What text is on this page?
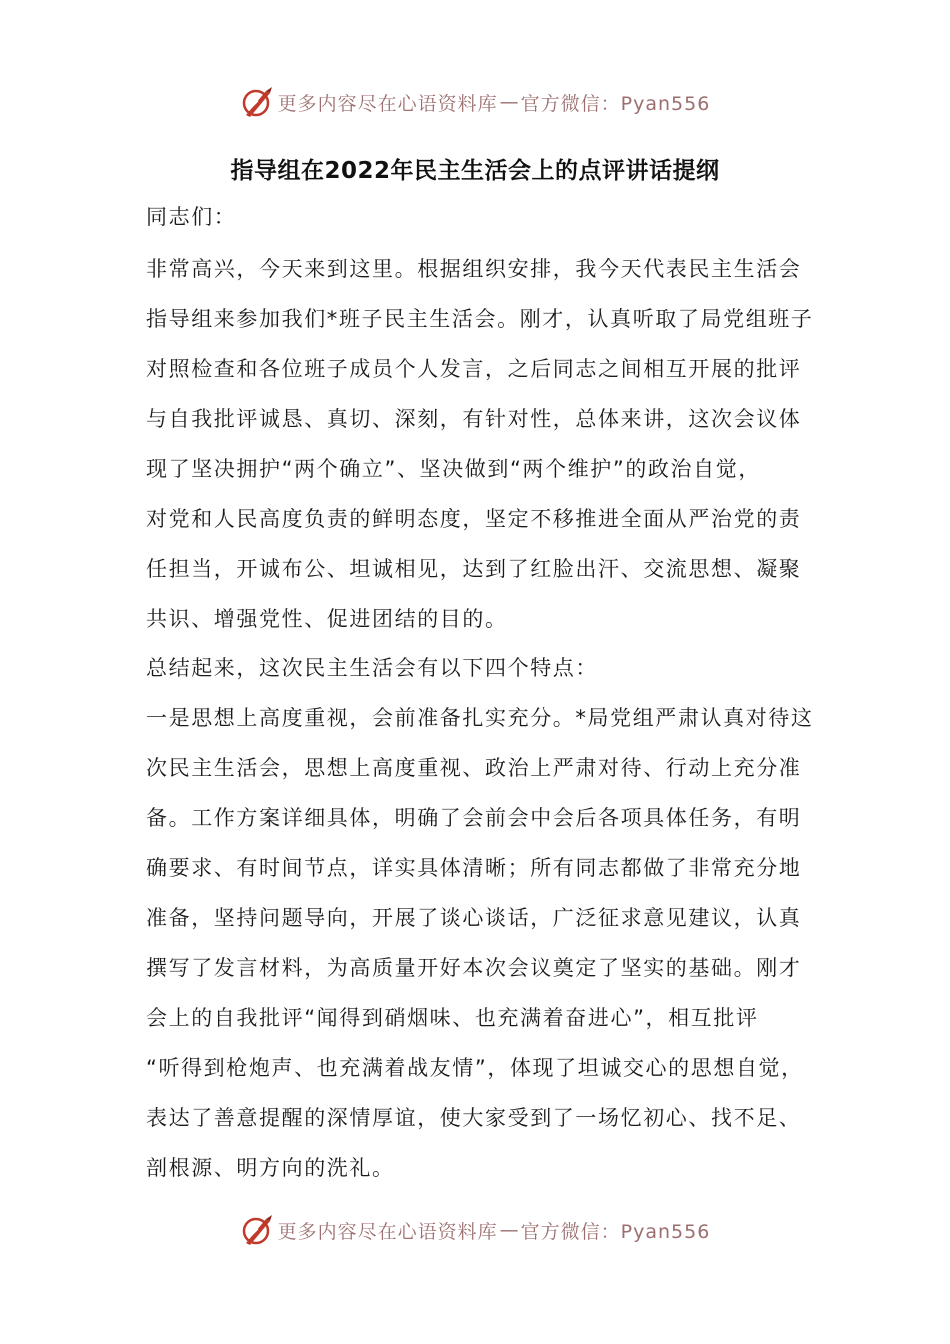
更多内容尽在心语资料库 — 官方微信：Pyan556
指导组在2022年民主生活会上的点评讲话提纲
同志们：
非常高兴，今天来到这里。根据组织安排，我今天代表民主生活会
指导组来参加我们*班子民主生活会。刚才，认真听取了局党组班子
对照检查和各位班子成员个人发言，之后同志之间相互开展的批评
与自我批评诚恳、真切、深刻，有针对性，总体来讲，这次会议体
现了坚决拥护“两个确立”、坚决做到“两个维护”的政治自觉，
对党和人民高度负责的鲜明态度，坚定不移推进全面从严治党的责
任担当，开诚布公、坦诚相见，达到了红脸出汗、交流思想、凝聚
共识、增强党性、促进团结的目的。
总结起来，这次民主生活会有以下四个特点：
一是思想上高度重视，会前准备扎实充分。*局党组严肃认真对待这
次民主生活会，思想上高度重视、政治上严肃对待、行动上充分准
备。工作方案详细具体，明确了会前会中会后各项具体任务，有明
确要求、有时间节点，详实具体清晰；所有同志都做了非常充分地
准备，坚持问题导向，开展了谈心谈话，广泛征求意见建议，认真
撰写了发言材料，为高质量开好本次会议奠定了坚实的基础。刚才
会上的自我批评“闻得到硝烟味、也充满着奋进心”，相互批评
“听得到枪炮声、也充满着战友情”，体现了坦诚交心的思想自觉，
表达了善意提醒的深情厚谊，使大家受到了一场忆初心、找不足、
剖根源、明方向的洗礼。
更多内容尽在心语资料库 — 官方微信：Pyan556
